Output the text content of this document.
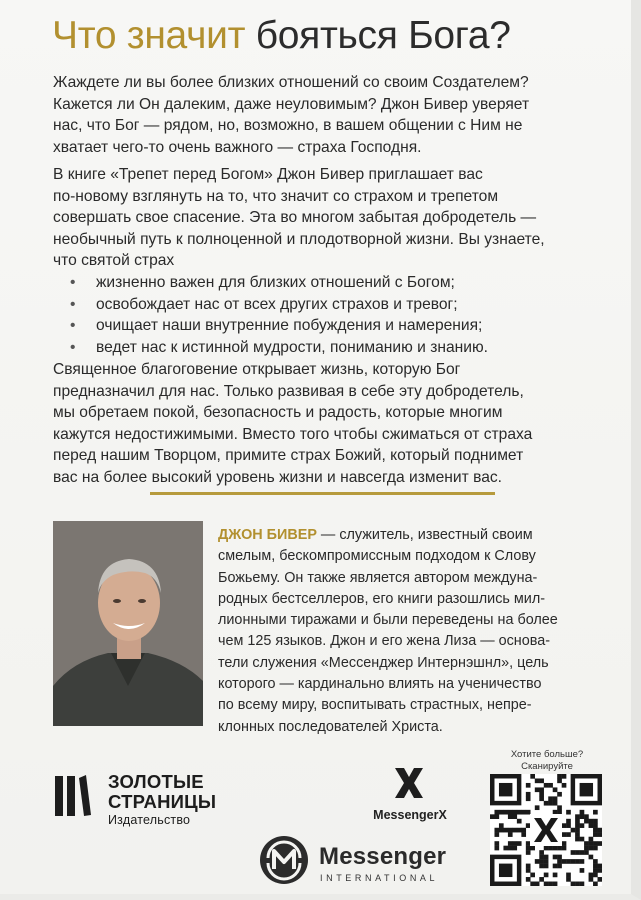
Что значит бояться Бога?

Жаждете ли вы более близких отношений со своим Создателем?
Кажется ли Он далеким, даже неуловимым? Джон Бивер уверяет
нас, что Бог — рядом, но, возможно, в вашем общении с Ним не
хватает чего-то очень важного — страха Господня.

В книге «Трепет перед Богом» Джон Бивер приглашает вас
по-новому взглянуть на то, что значит со страхом и трепетом
совершать свое спасение. Эта во многом забытая добродетель —
необычный путь к полноценной и плодотворной жизни. Вы узнаете,
что святой страх

• жизненно важен для близких отношений с Богом;
• освобождает нас от всех других страхов и тревог;
• очищает наши внутренние побуждения и намерения;
• ведет нас к истинной мудрости, пониманию и знанию.

Священное благоговение открывает жизнь, которую Бог
предназначил для нас. Только развивая в себе эту добродетель,
мы обретаем покой, безопасность и радость, которые многим
кажутся недостижимыми. Вместо того чтобы сжиматься от страха
перед нашим Творцом, примите страх Божий, который поднимет
вас на более высокий уровень жизни и навсегда изменит вас.

ДЖОН БИВЕР — служитель, известный своим
смелым, бескомпромиссным подходом к Слову
Божьему. Он также является автором междуна-
родных бестселлеров, его книги разошлись мил-
лионными тиражами и были переведены на более
чем 125 языков. Джон и его жена Лиза — основа-
тели служения «Мессенджер Интернэшнл», цель
которого — кардинально влиять на ученичество
по всему миру, воспитывать страстных, непре-
клонных последователей Христа.

ЗОЛОТЫЕ
СТРАНИЦЫ
Издательство	MessengerX
Хотите больше?
Сканируйте
Messenger
INTERNATIONAL
